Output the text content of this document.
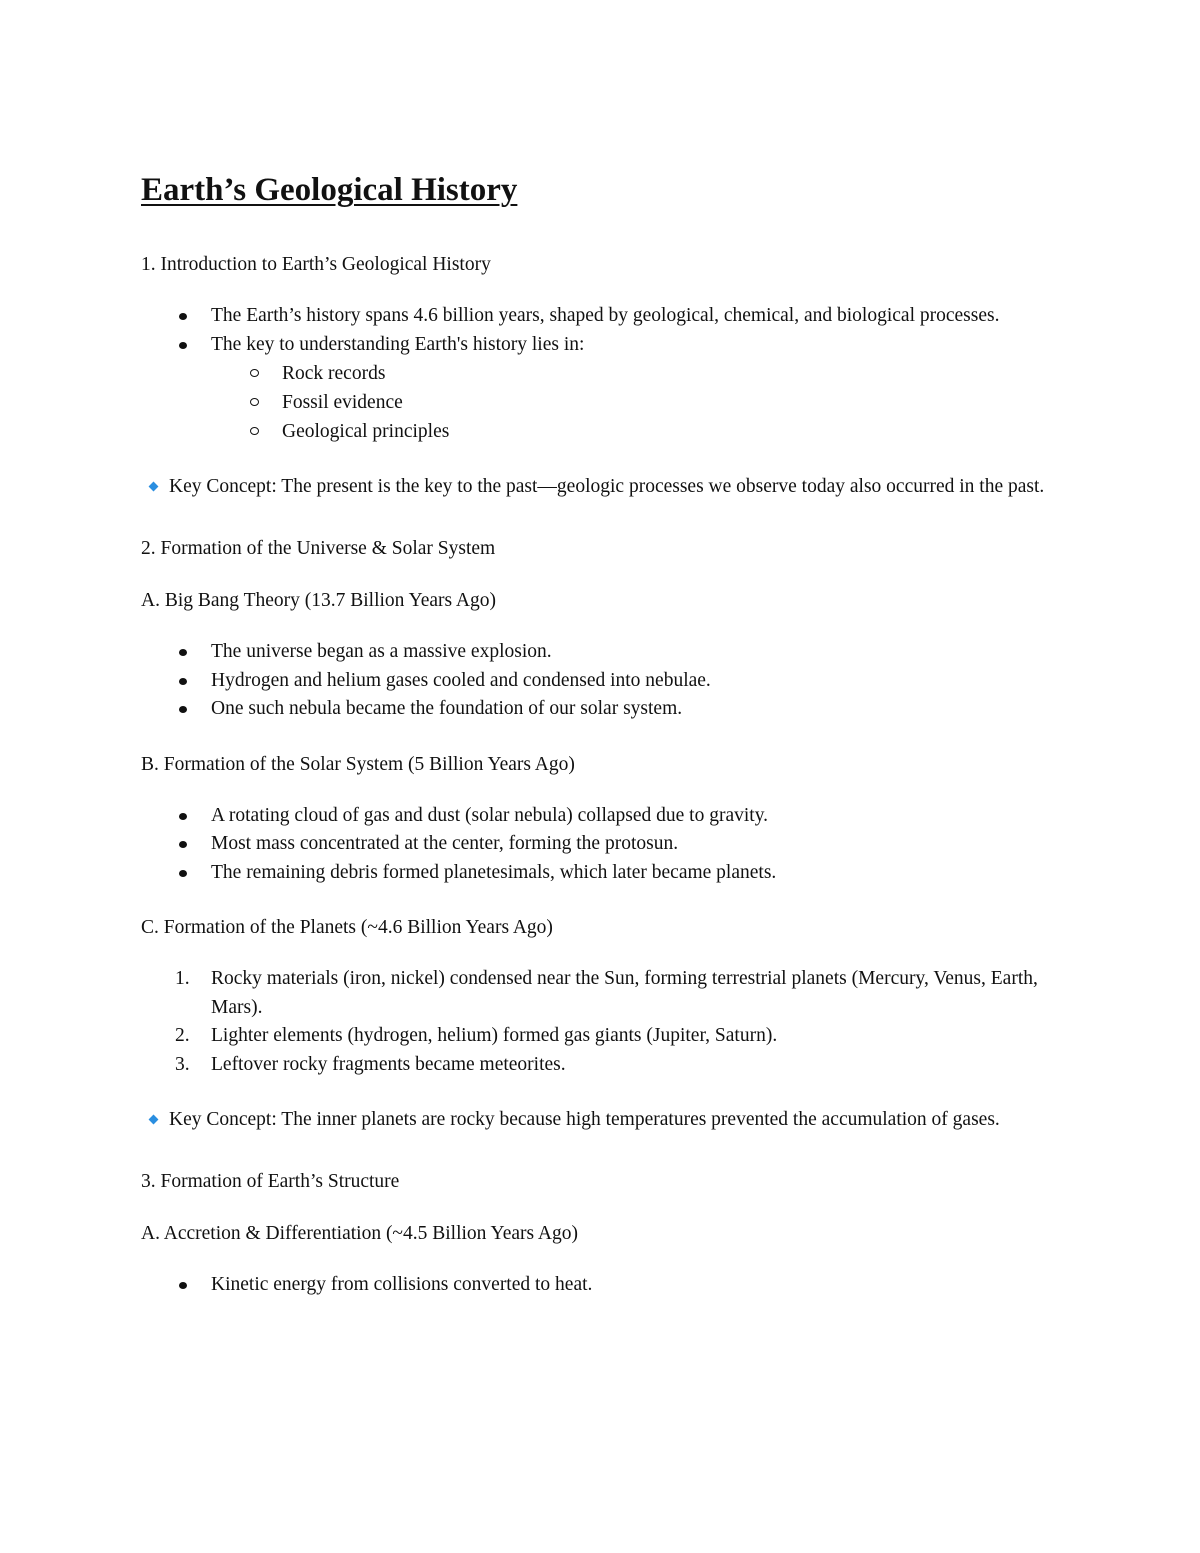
Earth’s Geological History
1. Introduction to Earth’s Geological History
The Earth’s history spans 4.6 billion years, shaped by geological, chemical, and biological processes.
The key to understanding Earth's history lies in:
Rock records
Fossil evidence
Geological principles
Key Concept: The present is the key to the past—geologic processes we observe today also occurred in the past.
2. Formation of the Universe & Solar System
A. Big Bang Theory (13.7 Billion Years Ago)
The universe began as a massive explosion.
Hydrogen and helium gases cooled and condensed into nebulae.
One such nebula became the foundation of our solar system.
B. Formation of the Solar System (5 Billion Years Ago)
A rotating cloud of gas and dust (solar nebula) collapsed due to gravity.
Most mass concentrated at the center, forming the protosun.
The remaining debris formed planetesimals, which later became planets.
C. Formation of the Planets (~4.6 Billion Years Ago)
1.	Rocky materials (iron, nickel) condensed near the Sun, forming terrestrial planets (Mercury, Venus, Earth, Mars).
2.	Lighter elements (hydrogen, helium) formed gas giants (Jupiter, Saturn).
3.	Leftover rocky fragments became meteorites.
Key Concept: The inner planets are rocky because high temperatures prevented the accumulation of gases.
3. Formation of Earth’s Structure
A. Accretion & Differentiation (~4.5 Billion Years Ago)
Kinetic energy from collisions converted to heat.
